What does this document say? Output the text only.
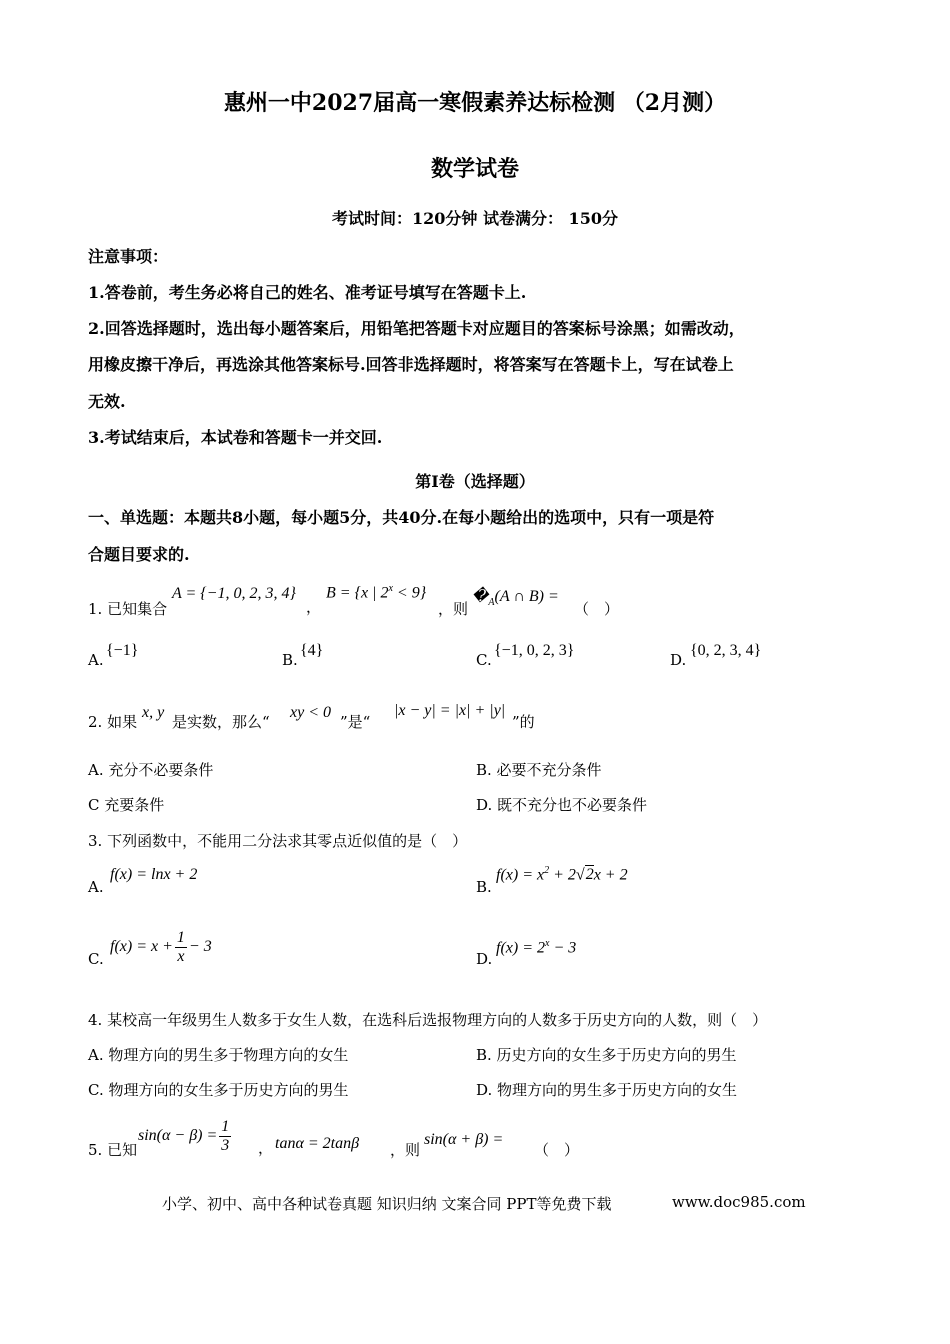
惠州一中2027届高一寒假素养达标检测 （2月测）
数学试卷
考试时间：120分钟 试卷满分： 150分
注意事项：
1.答卷前，考生务必将自己的姓名、准考证号填写在答题卡上.
2.回答选择题时，选出每小题答案后，用铅笔把答题卡对应题目的答案标号涂黑；如需改动，
用橡皮擦干净后，再选涂其他答案标号.回答非选择题时，将答案写在答题卡上，写在试卷上
无效.
3.考试结束后，本试卷和答题卡一并交回.
第I卷（选择题）
一、单选题：本题共8小题，每小题5分，共40分.在每小题给出的选项中，只有一项是符
合题目要求的.
1. 已知集合
A = {−1, 0, 2, 3, 4}
，
B = {x | $2^x < 9$}
，则
$�_A(A$ ∩ B) =
（　）
A.
{−1}
B.
{4}
C.
{−1, 0, 2, 3}
D.
{0, 2, 3, 4}
2. 如果
x, y
是实数，那么“
xy < 0
”是“
|x − y| = |x| + |y|
”的
A. 充分不必要条件	B. 必要不充分条件
C 充要条件	D. 既不充分也不必要条件
3. 下列函数中，不能用二分法求其零点近似值的是（　）
A.
f(x) = lnx + 2
B.
$f(x) = x^2 + 2√2x + 2$
C.
$f(x) = x + \frac{1}{x} - 3$
D.
$f(x) = 2^x - 3$
4. 某校高一年级男生人数多于女生人数，在选科后选报物理方向的人数多于历史方向的人数，则（　）
A. 物理方向的男生多于物理方向的女生	B. 历史方向的女生多于历史方向的男生
C. 物理方向的女生多于历史方向的男生	D. 物理方向的男生多于历史方向的女生
5. 已知
$\sin(\alpha - \beta) = \frac{1}{3}$ ， tanα = 2tanβ ，则
sin(α + β) =
（　）
小学、初中、高中各种试卷真题 知识归纳 文案合同 PPT等免费下载	www.doc985.com
